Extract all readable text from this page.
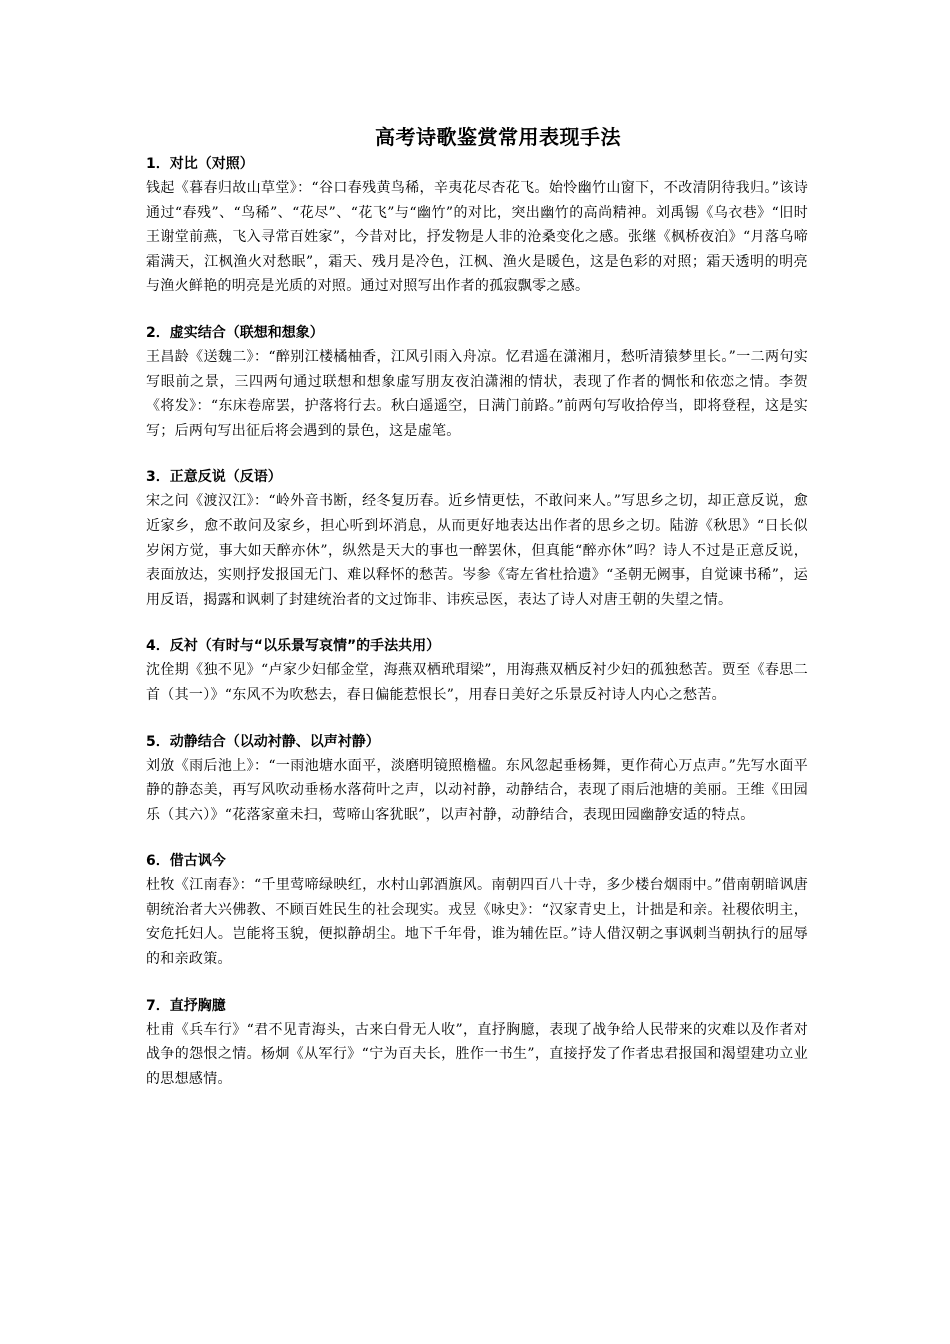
高考诗歌鉴赏常用表现手法

1．对比（对照）

钱起《暮春归故山草堂》：“谷口春残黄鸟稀，辛夷花尽杏花飞。始怜幽竹山窗下，不改清阴待我归。”该诗通过“春残”、“鸟稀”、“花尽”、“花飞”与“幽竹”的对比，突出幽竹的高尚精神。刘禹锡《乌衣巷》“旧时王谢堂前燕，飞入寻常百姓家”，今昔对比，抒发物是人非的沧桑变化之感。张继《枫桥夜泊》“月落乌啼霜满天，江枫渔火对愁眠”，霜天、残月是冷色，江枫、渔火是暖色，这是色彩的对照；霜天透明的明亮与渔火鲜艳的明亮是光质的对照。通过对照写出作者的孤寂飘零之感。

2．虚实结合（联想和想象）

王昌龄《送魏二》：“醉别江楼橘柚香，江风引雨入舟凉。忆君遥在潇湘月，愁听清猿梦里长。”一二两句实写眼前之景，三四两句通过联想和想象虚写朋友夜泊潇湘的情状，表现了作者的惆怅和依恋之情。李贺《将发》：“东床卷席罢，护落将行去。秋白遥遥空，日满门前路。”前两句写收拾停当，即将登程，这是实写；后两句写出征后将会遇到的景色，这是虚笔。

3．正意反说（反语）

宋之问《渡汉江》：“岭外音书断，经冬复历春。近乡情更怯，不敢问来人。”写思乡之切，却正意反说，愈近家乡，愈不敢问及家乡，担心听到坏消息，从而更好地表达出作者的思乡之切。陆游《秋思》“日长似岁闲方觉，事大如天醉亦休”，纵然是天大的事也一醉罢休，但真能“醉亦休”吗？诗人不过是正意反说，表面放达，实则抒发报国无门、难以释怀的愁苦。岑参《寄左省杜拾遗》“圣朝无阙事，自觉谏书稀”，运用反语，揭露和讽刺了封建统治者的文过饰非、讳疾忌医，表达了诗人对唐王朝的失望之情。

4．反衬（有时与“以乐景写哀情”的手法共用）

沈佺期《独不见》“卢家少妇郁金堂，海燕双栖玳瑁梁”，用海燕双栖反衬少妇的孤独愁苦。贾至《春思二首（其一）》“东风不为吹愁去，春日偏能惹恨长”，用春日美好之乐景反衬诗人内心之愁苦。

5．动静结合（以动衬静、以声衬静）

刘攽《雨后池上》：“一雨池塘水面平，淡磨明镜照檐楹。东风忽起垂杨舞，更作荷心万点声。”先写水面平静的静态美，再写风吹动垂杨水落荷叶之声，以动衬静，动静结合，表现了雨后池塘的美丽。王维《田园乐（其六）》“花落家童未扫，莺啼山客犹眠”，以声衬静，动静结合，表现田园幽静安适的特点。

6．借古讽今

杜牧《江南春》：“千里莺啼绿映红，水村山郭酒旗风。南朝四百八十寺，多少楼台烟雨中。”借南朝暗讽唐朝统治者大兴佛教、不顾百姓民生的社会现实。戎昱《咏史》：“汉家青史上，计拙是和亲。社稷依明主，安危托妇人。岂能将玉貌，便拟静胡尘。地下千年骨，谁为辅佐臣。”诗人借汉朝之事讽刺当朝执行的屈辱的和亲政策。

7．直抒胸臆

杜甫《兵车行》“君不见青海头，古来白骨无人收”，直抒胸臆，表现了战争给人民带来的灾难以及作者对战争的怨恨之情。杨炯《从军行》“宁为百夫长，胜作一书生”，直接抒发了作者忠君报国和渴望建功立业的思想感情。
